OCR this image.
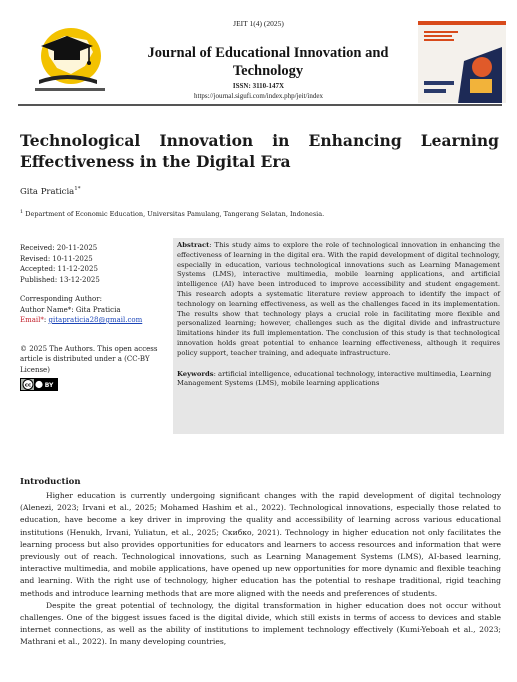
JEIT 1(4) (2025)
Journal of Educational Innovation and Technology
ISSN: 3110-147X
https://journal.sigufi.com/index.php/jeit/index
Technological Innovation in Enhancing Learning
Effectiveness in the Digital Era
Gita Praticia$^{1*}$
$^1$ Department of Economic Education, Universitas Pamulang, Tangerang Selatan, Indonesia.
Received: 20-11-2025
Revised: 10-11-2025
Accepted: 11-12-2025
Published: 13-12-2025
Corresponding Author:
Author Name*: Gita Praticia
Email*: gitapraticia28@gmail.com
© 2025 The Authors. This open access article is distributed under a (CC-BY License)
cc BY
Abstract: This study aims to explore the role of technological innovation in enhancing the effectiveness of learning in the digital era. With the rapid development of digital technology, especially in education, various technological innovations such as Learning Management Systems (LMS), interactive multimedia, mobile learning applications, and artificial intelligence (AI) have been introduced to improve accessibility and student engagement. This research adopts a systematic literature review approach to identify the impact of technology on learning effectiveness, as well as the challenges faced in its implementation. The results show that technology plays a crucial role in facilitating more flexible and personalized learning; however, challenges such as the digital divide and infrastructure limitations hinder its full implementation. The conclusion of this study is that technological innovation holds great potential to enhance learning effectiveness, although it requires policy support, teacher training, and adequate infrastructure.
Keywords: artificial intelligence, educational technology, interactive multimedia, Learning Management Systems (LMS), mobile learning applications
Introduction

Higher education is currently undergoing significant changes with the rapid development of digital technology (Alenezi, 2023; Irvani et al., 2025; Mohamed Hashim et al., 2022). Technological innovations, especially those related to education, have become a key driver in improving the quality and accessibility of learning across various educational institutions (Henukh, Irvani, Yuliatun, et al., 2025; Скибко, 2021). Technology in higher education not only facilitates the learning process but also provides opportunities for educators and learners to access resources and information that were previously out of reach. Technological innovations, such as Learning Management Systems (LMS), AI-based learning, interactive multimedia, and mobile applications, have opened up new opportunities for more dynamic and flexible teaching and learning. With the right use of technology, higher education has the potential to reshape traditional, rigid teaching methods and introduce learning methods that are more aligned with the needs and preferences of students.

Despite the great potential of technology, the digital transformation in higher education does not occur without challenges. One of the biggest issues faced is the digital divide, which still exists in terms of access to devices and stable internet connections, as well as the ability of institutions to implement technology effectively (Kumi-Yeboah et al., 2023; Mathrani et al., 2022). In many developing countries,
